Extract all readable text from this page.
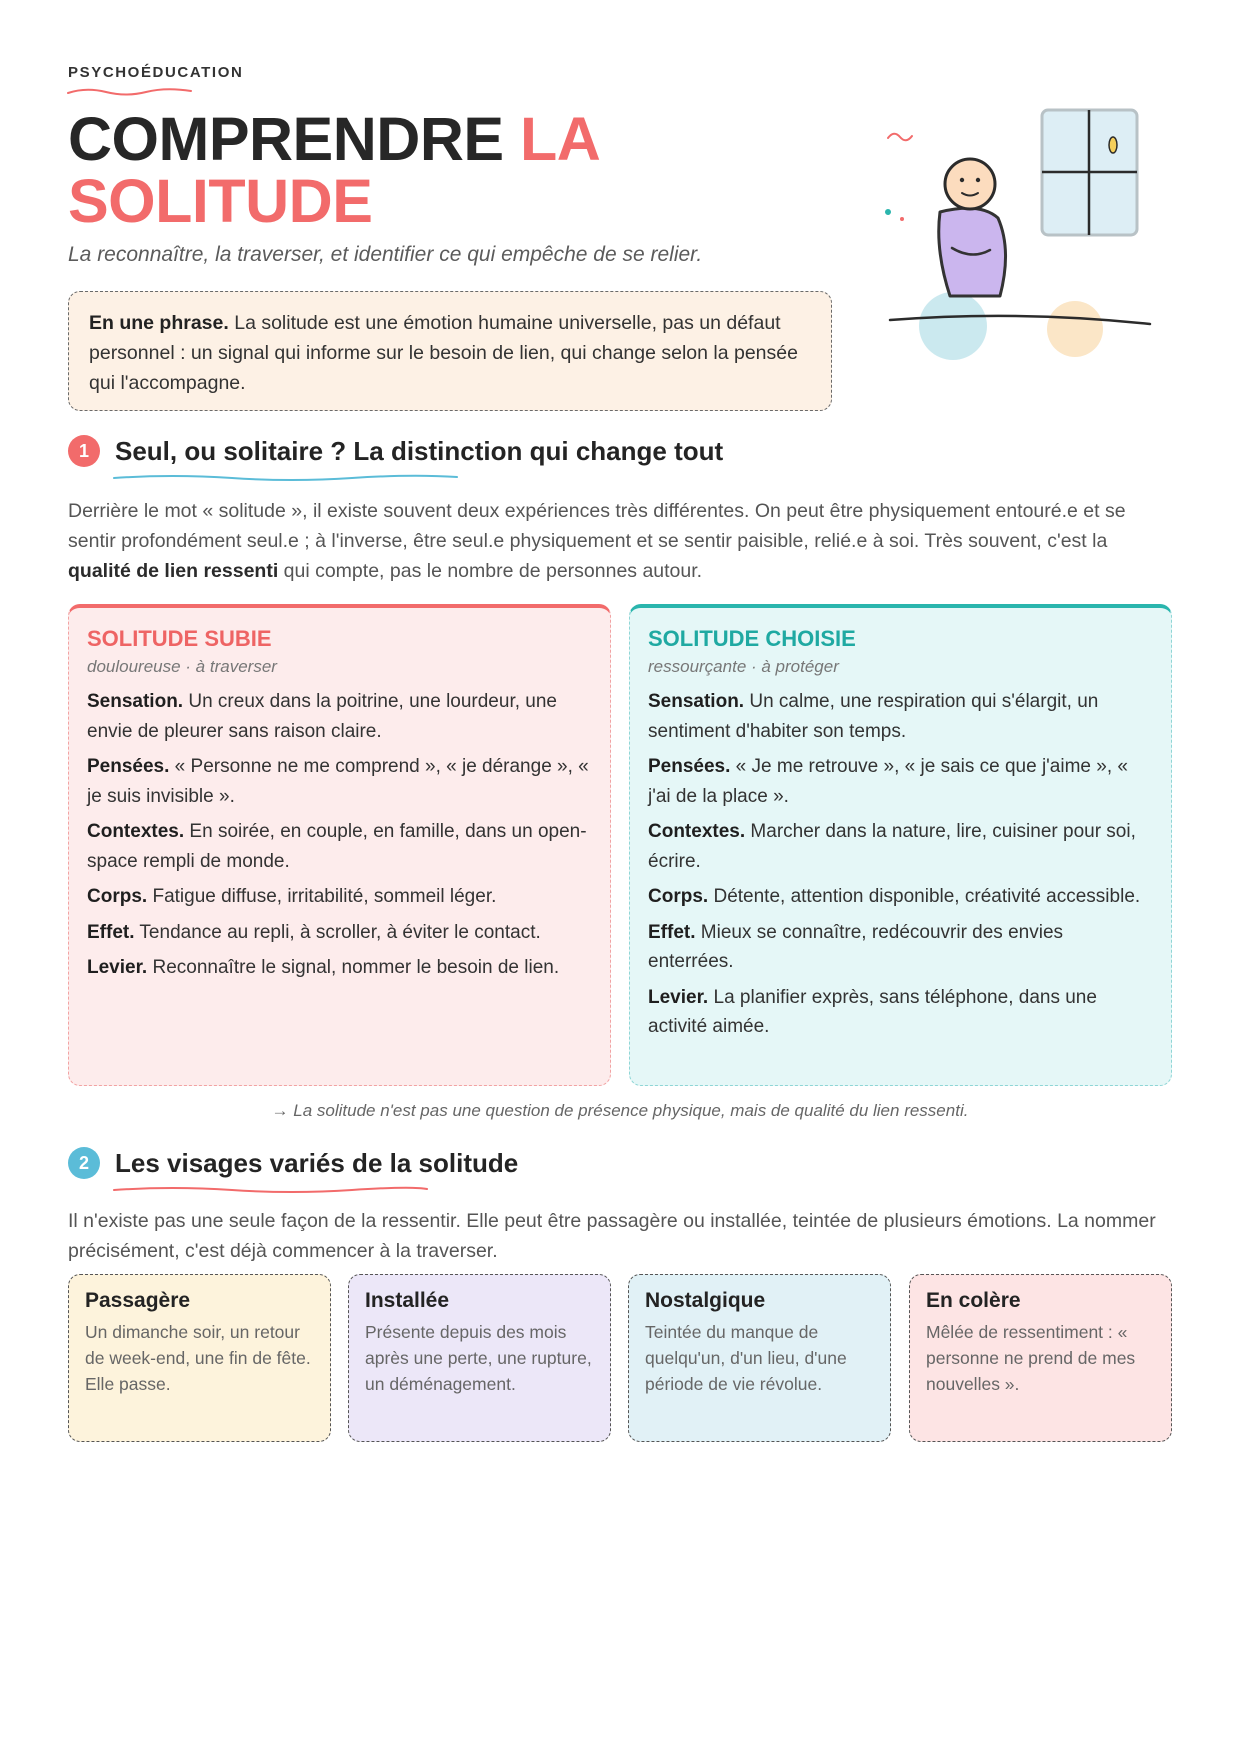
PSYCHOÉDUCATION
COMPRENDRE LA
SOLITUDE
La reconnaître, la traverser, et identifier ce qui empêche de se relier.
En une phrase. La solitude est une émotion humaine universelle, pas un défaut personnel : un signal qui informe sur le besoin de lien, qui change selon la pensée qui l'accompagne.
1	Seul, ou solitaire ? La distinction qui change tout

Derrière le mot « solitude », il existe souvent deux expériences très différentes. On peut être physiquement entouré.e et se sentir profondément seul.e ; à l'inverse, être seul.e physiquement et se sentir paisible, relié.e à soi. Très souvent, c'est la qualité de lien ressenti qui compte, pas le nombre de personnes autour.

SOLITUDE SUBIE
douloureuse · à traverser
Sensation. Un creux dans la poitrine, une lourdeur, une envie de pleurer sans raison claire.
Pensées. « Personne ne me comprend », « je dérange », « je suis invisible ».
Contextes. En soirée, en couple, en famille, dans un open-space rempli de monde.
Corps. Fatigue diffuse, irritabilité, sommeil léger.
Effet. Tendance au repli, à scroller, à éviter le contact.
Levier. Reconnaître le signal, nommer le besoin de lien.
SOLITUDE CHOISIE
ressourçante · à protéger
Sensation. Un calme, une respiration qui s'élargit, un sentiment d'habiter son temps.
Pensées. « Je me retrouve », « je sais ce que j'aime », « j'ai de la place ».
Contextes. Marcher dans la nature, lire, cuisiner pour soi, écrire.
Corps. Détente, attention disponible, créativité accessible.
Effet. Mieux se connaître, redécouvrir des envies enterrées.
Levier. La planifier exprès, sans téléphone, dans une activité aimée.
→ La solitude n'est pas une question de présence physique, mais de qualité du lien ressenti.
2	Les visages variés de la solitude

Il n'existe pas une seule façon de la ressentir. Elle peut être passagère ou installée, teintée de plusieurs émotions. La nommer précisément, c'est déjà commencer à la traverser.

Passagère
Un dimanche soir, un retour de week-end, une fin de fête. Elle passe.
Installée
Présente depuis des mois après une perte, une rupture, un déménagement.
Nostalgique
Teintée du manque de quelqu'un, d'un lieu, d'une période de vie révolue.
En colère
Mêlée de ressentiment : « personne ne prend de mes nouvelles ».
